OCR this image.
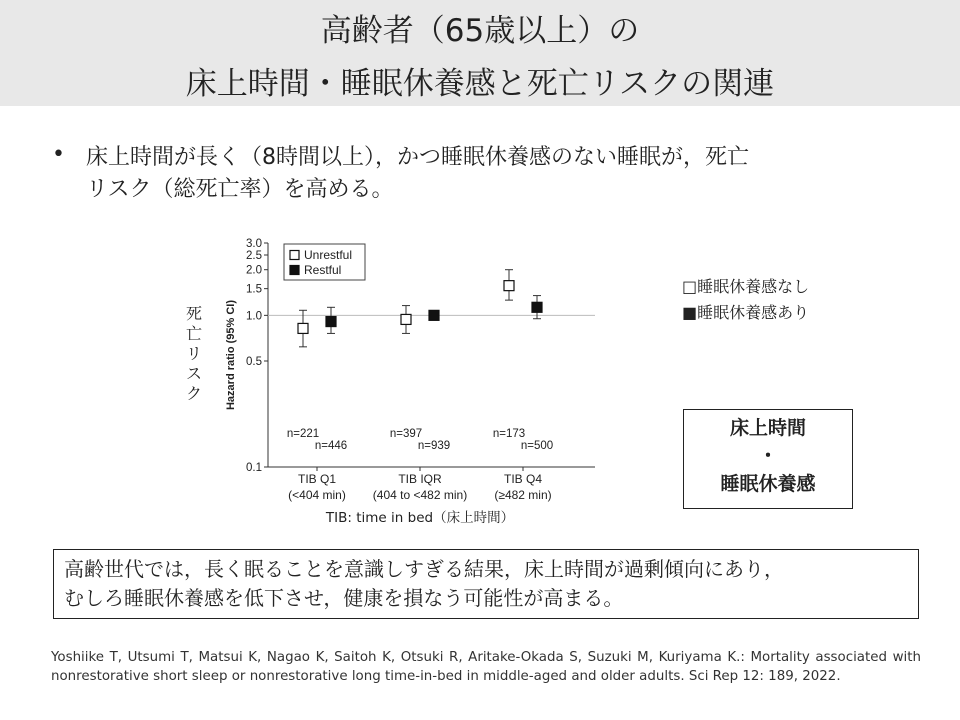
高齢者（65歳以上）の
床上時間・睡眠休養感と死亡リスクの関連
• 床上時間が長く（8時間以上），かつ睡眠休養感のない睡眠が，死亡
リスク（総死亡率）を高める。
0.1
0.5
1.0
1.5
2.0
2.5
3.0
Hazard ratio (95% CI)
死
亡
リ
ス
ク
TIB Q1
(<404 min)
TIB IQR
(404 to <482 min)
TIB Q4
(≥482 min)
TIB: time in bed（床上時間）
Unrestful
Restful
n=221	n=397	n=173
n=446	n=939	n=500
□睡眠休養感なし
■睡眠休養感あり
床上時間
・
睡眠休養感
高齢世代では，長く眠ることを意識しすぎる結果，床上時間が過剰傾向にあり，
むしろ睡眠休養感を低下させ，健康を損なう可能性が高まる。
Yoshiike T, Utsumi T, Matsui K, Nagao K, Saitoh K, Otsuki R, Aritake-Okada S, Suzuki M, Kuriyama K.: Mortality associated with nonrestorative short sleep or nonrestorative long time-in-bed in middle-aged and older adults. Sci Rep 12: 189, 2022.
